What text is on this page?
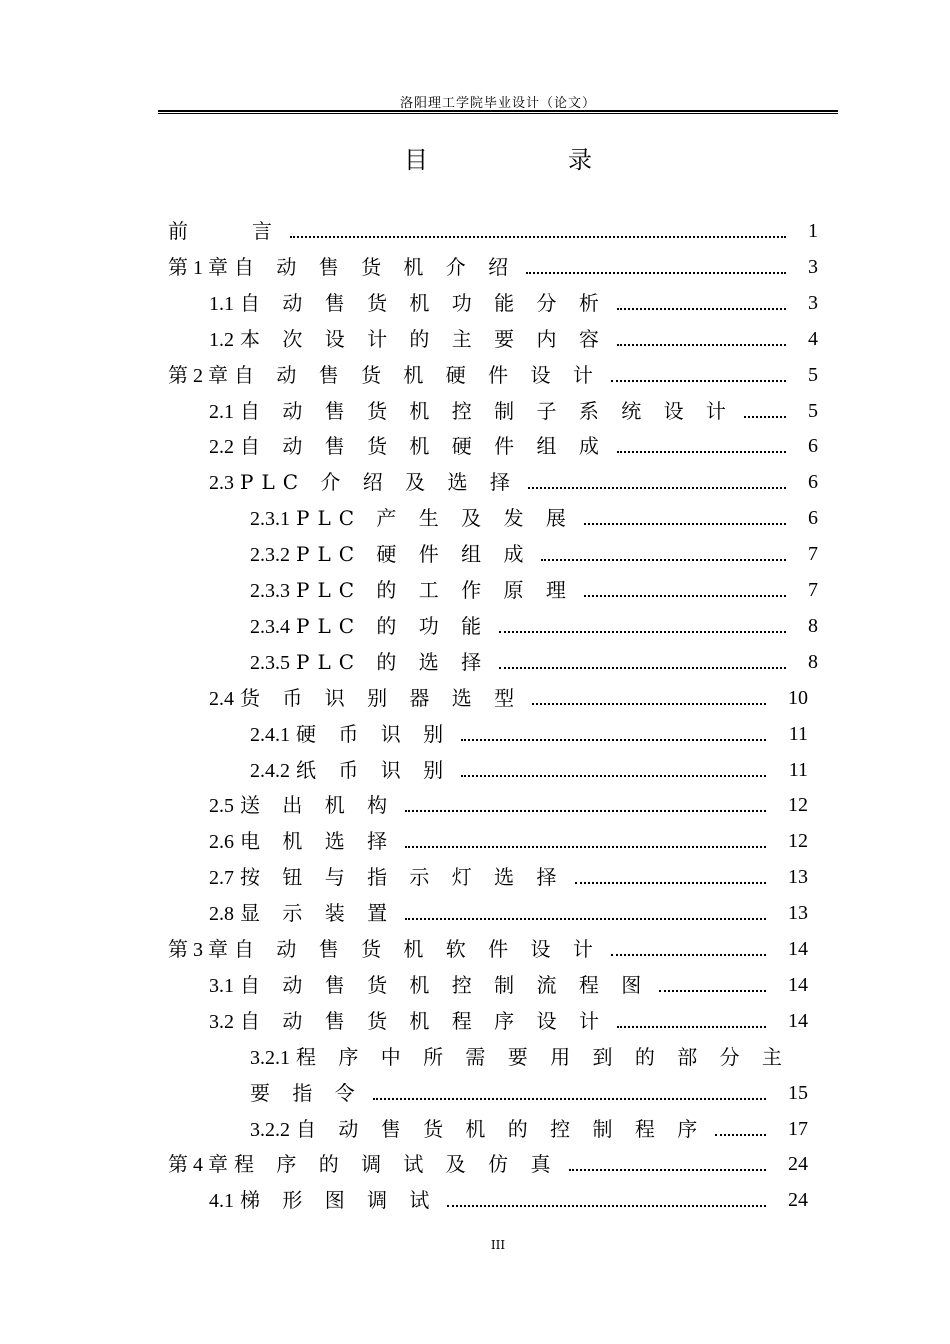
洛阳理工学院毕业设计（论文）
目　录
前　　言	1
第 1 章 自 动 售 货 机 介 绍	3
1.1 自 动 售 货 机 功 能 分 析	3
1.2 本 次 设 计 的 主 要 内 容	4
第 2 章 自 动 售 货 机 硬 件 设 计	5
2.1 自 动 售 货 机 控 制 子 系 统 设 计	5
2.2 自 动 售 货 机 硬 件 组 成	6
2.3 PLC 介 绍 及 选 择	6
2.3.1 PLC 产 生 及 发 展	6
2.3.2 PLC 硬 件 组 成	7
2.3.3 PLC 的 工 作 原 理	7
2.3.4 PLC 的 功 能	8
2.3.5 PLC 的 选 择	8
2.4 货 币 识 别 器 选 型	10
2.4.1 硬 币 识 别	11
2.4.2 纸 币 识 别	11
2.5 送 出 机 构	12
2.6 电 机 选 择	12
2.7 按 钮 与 指 示 灯 选 择	13
2.8 显 示 装 置	13
第 3 章 自 动 售 货 机 软 件 设 计	14
3.1 自 动 售 货 机 控 制 流 程 图	14
3.2 自 动 售 货 机 程 序 设 计	14
3.2.1 程 序 中 所 需 要 用 到 的 部 分 主
要 指 令	15
3.2.2 自 动 售 货 机 的 控 制 程 序	17
第 4 章 程 序 的 调 试 及 仿 真	24
4.1 梯 形 图 调 试	24
III
